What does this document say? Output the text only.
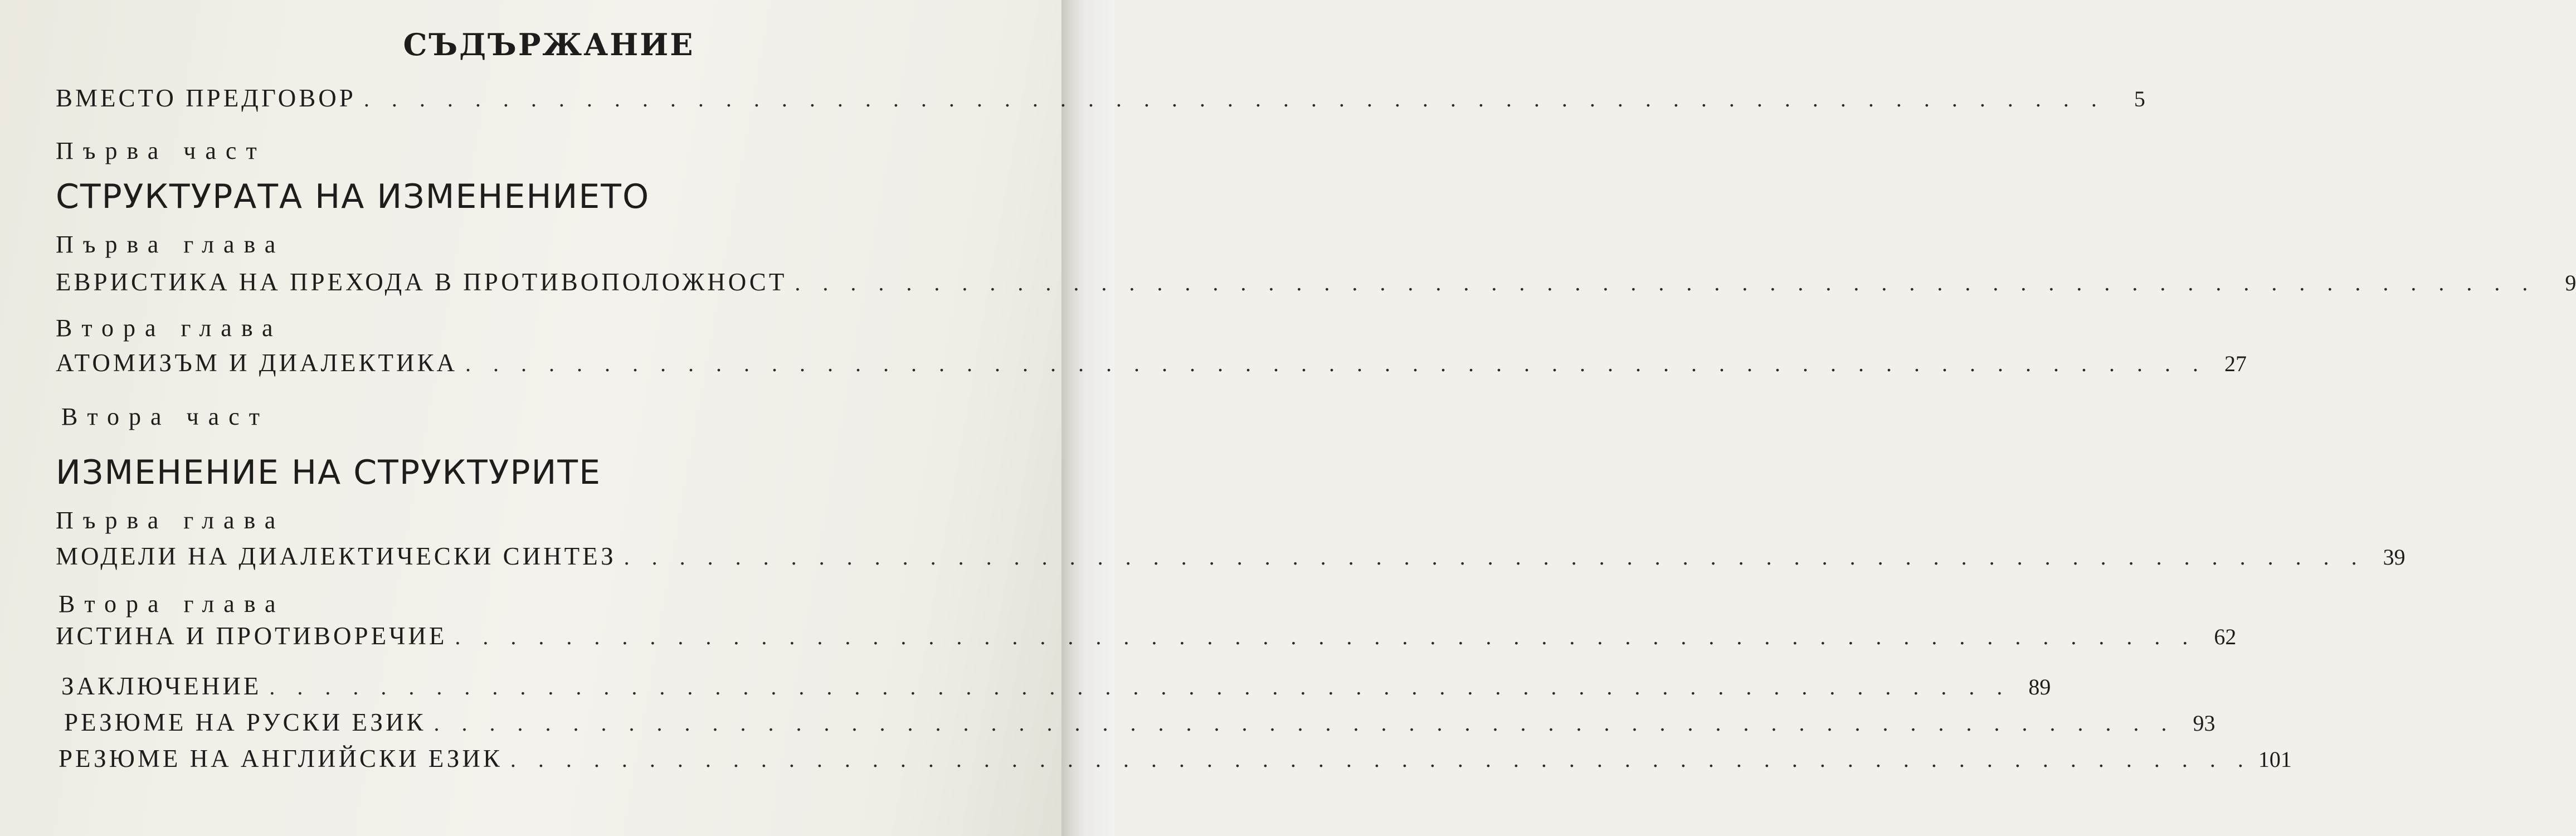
СЪДЪРЖАНИЕ
ВМЕСТО ПРЕДГОВОР . . . . . . . . . . . . . . . . . . . . . . . . . . . . . . . . . . . . . . . . . . . . . . . . . . . . . . . . . . . . . . .	5
Първа част
СТРУКТУРАТА НА ИЗМЕНЕНИЕТО
Първа глава
ЕВРИСТИКА НА ПРЕХОДА В ПРОТИВОПОЛОЖНОСТ . . . . . . . . . . . . . . . . . . . . . . . . . . . . . . . . . . . . . . . . . . . . . . . . . . . . . . . . . . . . . . .	9
Втора глава
АТОМИЗЪМ И ДИАЛЕКТИКА . . . . . . . . . . . . . . . . . . . . . . . . . . . . . . . . . . . . . . . . . . . . . . . . . . . . . . . . . . . . . . . 27
Втора част
ИЗМЕНЕНИЕ НА СТРУКТУРИТЕ
Първа глава
МОДЕЛИ НА ДИАЛЕКТИЧЕСКИ СИНТЕЗ . . . . . . . . . . . . . . . . . . . . . . . . . . . . . . . . . . . . . . . . . . . . . . . . . . . . . . . . . . . . . . . 39
Втора глава
ИСТИНА И ПРОТИВОРЕЧИЕ . . . . . . . . . . . . . . . . . . . . . . . . . . . . . . . . . . . . . . . . . . . . . . . . . . . . . . . . . . . . . . . 62
ЗАКЛЮЧЕНИЕ . . . . . . . . . . . . . . . . . . . . . . . . . . . . . . . . . . . . . . . . . . . . . . . . . . . . . . . . . . . . . . . 89
РЕЗЮМЕ НА РУСКИ ЕЗИК . . . . . . . . . . . . . . . . . . . . . . . . . . . . . . . . . . . . . . . . . . . . . . . . . . . . . . . . . . . . . . . 93
РЕЗЮМЕ НА АНГЛИЙСКИ ЕЗИК . . . . . . . . . . . . . . . . . . . . . . . . . . . . . . . . . . . . . . . . . . . . . . . . . . . . . . . . . . . . . . . 101
